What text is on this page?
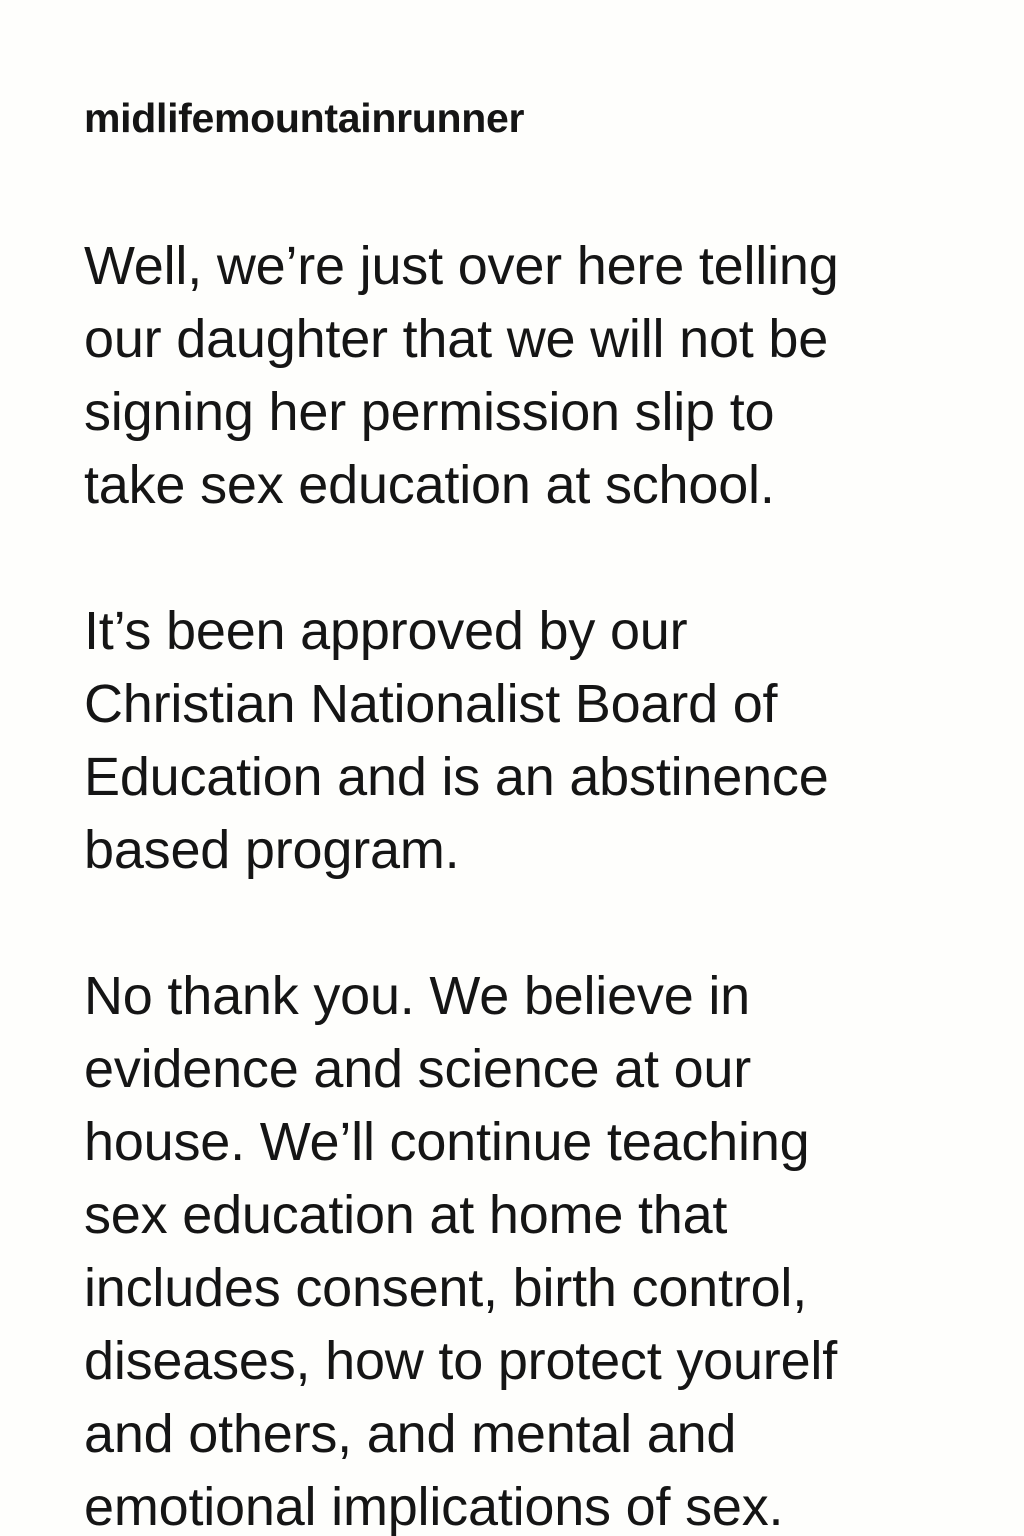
midlifemountainrunner
Well, we’re just over here telling
our daughter that we will not be
signing her permission slip to
take sex education at school.
It’s been approved by our
Christian Nationalist Board of
Education and is an abstinence
based program.
No thank you. We believe in
evidence and science at our
house. We’ll continue teaching
sex education at home that
includes consent, birth control,
diseases, how to protect yourelf
and others, and mental and
emotional implications of sex.
